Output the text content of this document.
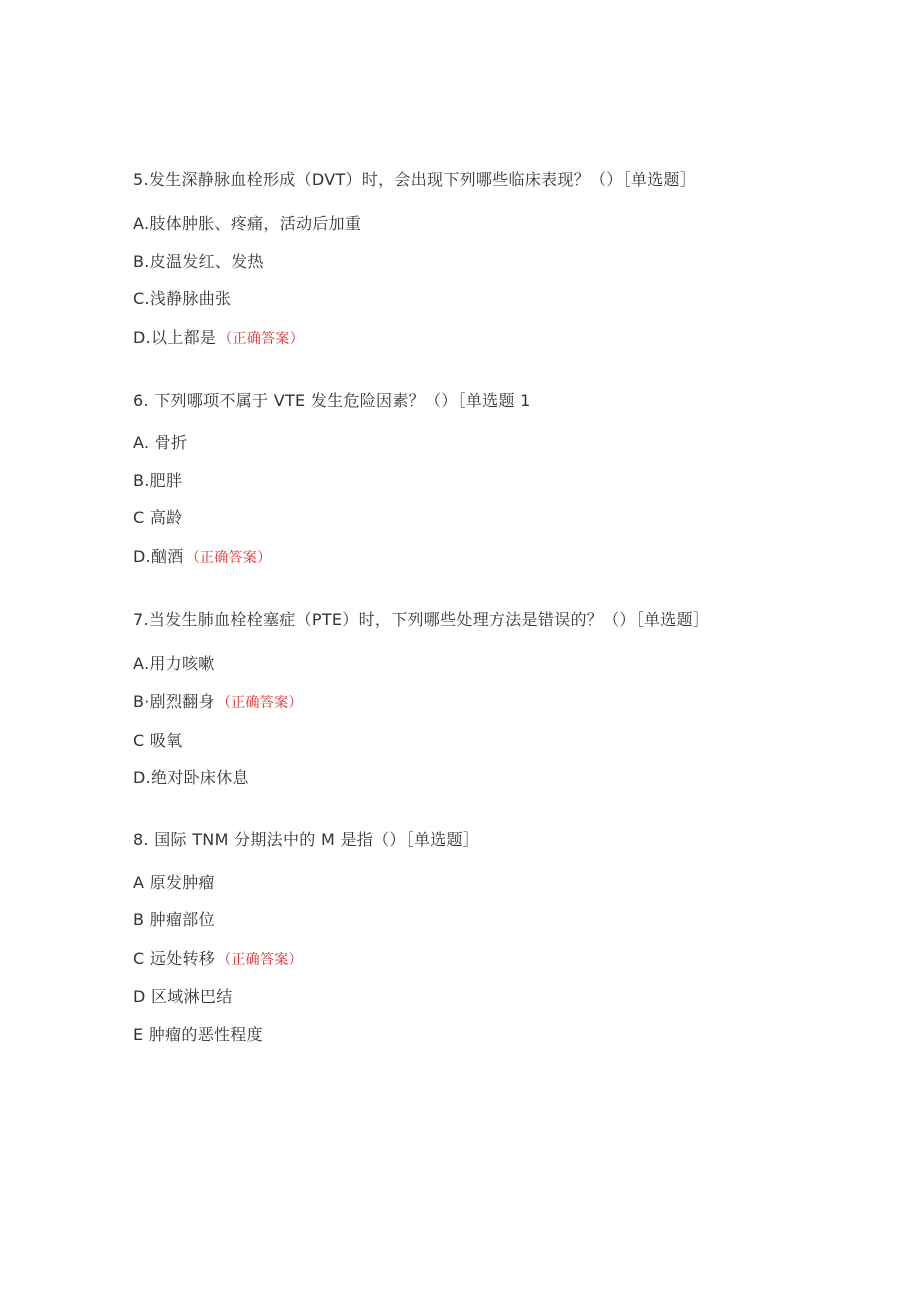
5.发生深静脉血栓形成（DVT）时，会出现下列哪些临床表现？（）［单选题］
A.肢体肿胀、疼痛，活动后加重
B.皮温发红、发热
C.浅静脉曲张
D.以上都是 （正确答案）
6. 下列哪项不属于 VTE 发生危险因素？（）［单选题 1
A. 骨折
B.肥胖
C 高龄
D.酗酒 （正确答案）
7.当发生肺血栓栓塞症（PTE）时，下列哪些处理方法是错误的？（）［单选题］
A.用力咳嗽
B·剧烈翻身 （正确答案）
C 吸氧
D.绝对卧床休息
8. 国际 TNM 分期法中的 M 是指（）［单选题］
A 原发肿瘤
B 肿瘤部位
C 远处转移 （正确答案）
D 区域淋巴结
E 肿瘤的恶性程度
